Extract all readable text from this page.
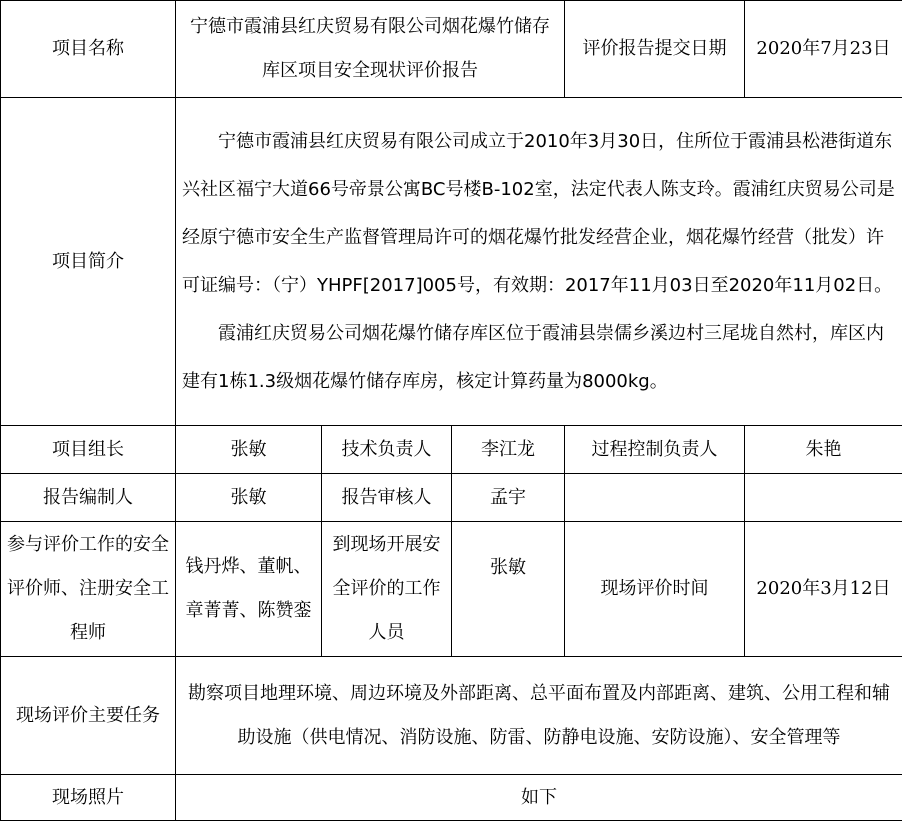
项目名称	宁德市霞浦县红庆贸易有限公司烟花爆竹储存库区项目安全现状评价报告			评价报告提交日期	2020年7月23日
项目简介	宁德市霞浦县红庆贸易有限公司成立于2010年3月30日，住所位于霞浦县松港街道东兴社区福宁大道66号帝景公寓BC号楼B-102室，法定代表人陈支玲。霞浦红庆贸易公司是经原宁德市安全生产监督管理局许可的烟花爆竹批发经营企业，烟花爆竹经营（批发）许可证编号：（宁）YHPF[2017]005号，有效期：2017年11月03日至2020年11月02日。

霞浦红庆贸易公司烟花爆竹储存库区位于霞浦县崇儒乡溪边村三尾垅自然村，库区内建有1栋1.3级烟花爆竹储存库房，核定计算药量为8000kg。				

项目组长	张敏	技术负责人	李江龙	过程控制负责人	朱艳
报告编制人	张敏	报告审核人	孟宇		
参与评价工作的安全评价师、注册安全工程师	钱丹烨、董帆、章菁菁、陈赞銮	到现场开展安全评价的工作人员	张敏	现场评价时间	2020年3月12日
现场评价主要任务	勘察项目地理环境、周边环境及外部距离、总平面布置及内部距离、建筑、公用工程和辅助设施（供电情况、消防设施、防雷、防静电设施、安防设施）、安全管理等				
现场照片	如下				
